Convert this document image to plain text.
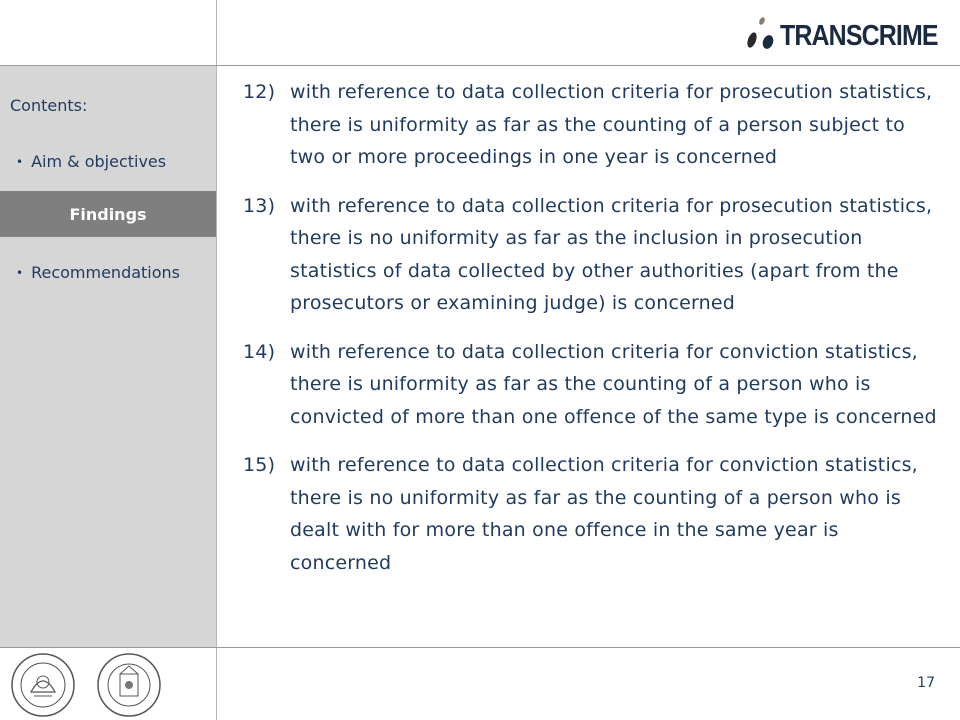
TRANSCRIME
Contents:
• Aim & objectives
Findings
• Recommendations
12) with reference to data collection criteria for prosecution statistics, there is uniformity as far as the counting of a person subject to two or more proceedings in one year is concerned
13) with reference to data collection criteria for prosecution statistics, there is no uniformity as far as the inclusion in prosecution statistics of data collected by other authorities (apart from the prosecutors or examining judge) is concerned
14) with reference to data collection criteria for conviction statistics, there is uniformity as far as the counting of a person who is convicted of more than one offence of the same type is concerned
15) with reference to data collection criteria for conviction statistics, there is no uniformity as far as the counting of a person who is dealt with for more than one offence in the same year is concerned
17
